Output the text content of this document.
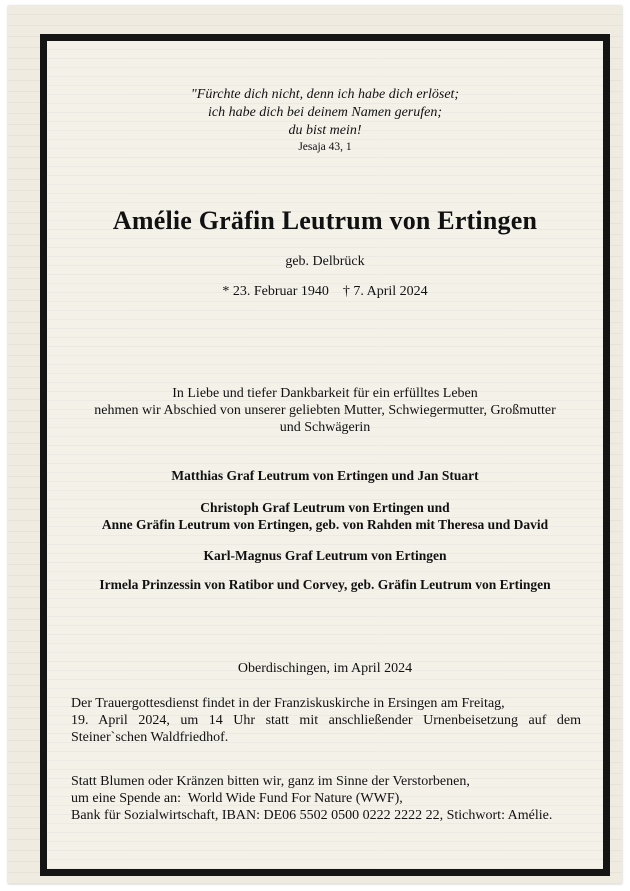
"Fürchte dich nicht, denn ich habe dich erlöset;
ich habe dich bei deinem Namen gerufen;
du bist mein!
Jesaja 43, 1
Amélie Gräfin Leutrum von Ertingen
geb. Delbrück
* 23. Februar 1940 † 7. April 2024
In Liebe und tiefer Dankbarkeit für ein erfülltes Leben
nehmen wir Abschied von unserer geliebten Mutter, Schwiegermutter, Großmutter
und Schwägerin
Matthias Graf Leutrum von Ertingen und Jan Stuart
Christoph Graf Leutrum von Ertingen und
Anne Gräfin Leutrum von Ertingen, geb. von Rahden mit Theresa und David
Karl-Magnus Graf Leutrum von Ertingen
Irmela Prinzessin von Ratibor und Corvey, geb. Gräfin Leutrum von Ertingen
Oberdischingen, im April 2024
Der Trauergottesdienst findet in der Franziskuskirche in Ersingen am Freitag,
19. April 2024, um 14 Uhr statt mit anschließender Urnenbeisetzung auf dem
Steiner`schen Waldfriedhof.
Statt Blumen oder Kränzen bitten wir, ganz im Sinne der Verstorbenen,
um eine Spende an:  World Wide Fund For Nature (WWF),
Bank für Sozialwirtschaft, IBAN: DE06 5502 0500 0222 2222 22, Stichwort: Amélie.
